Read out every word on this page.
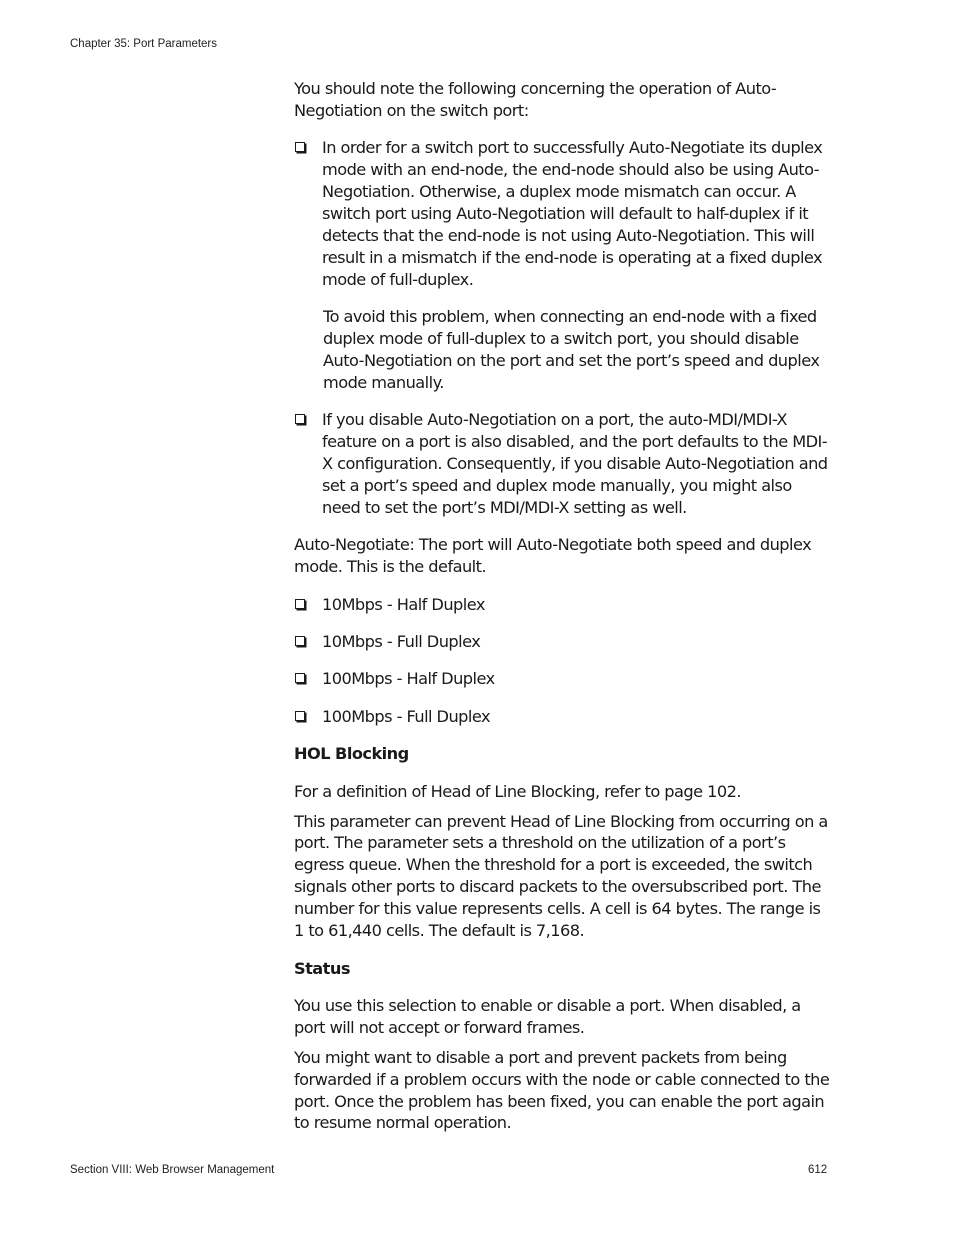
Chapter 35: Port Parameters

You should note the following concerning the operation of Auto-Negotiation on the switch port:

In order for a switch port to successfully Auto-Negotiate its duplex mode with an end-node, the end-node should also be using Auto-Negotiation. Otherwise, a duplex mode mismatch can occur. A switch port using Auto-Negotiation will default to half-duplex if it detects that the end-node is not using Auto-Negotiation. This will result in a mismatch if the end-node is operating at a fixed duplex mode of full-duplex.

To avoid this problem, when connecting an end-node with a fixed duplex mode of full-duplex to a switch port, you should disable Auto-Negotiation on the port and set the port’s speed and duplex mode manually.

If you disable Auto-Negotiation on a port, the auto-MDI/MDI-X feature on a port is also disabled, and the port defaults to the MDI-X configuration. Consequently, if you disable Auto-Negotiation and set a port’s speed and duplex mode manually, you might also need to set the port’s MDI/MDI-X setting as well.

Auto-Negotiate: The port will Auto-Negotiate both speed and duplex mode. This is the default.

10Mbps - Half Duplex
10Mbps - Full Duplex
100Mbps - Half Duplex
100Mbps - Full Duplex

HOL Blocking

For a definition of Head of Line Blocking, refer to page 102.

This parameter can prevent Head of Line Blocking from occurring on a port. The parameter sets a threshold on the utilization of a port’s egress queue. When the threshold for a port is exceeded, the switch signals other ports to discard packets to the oversubscribed port. The number for this value represents cells. A cell is 64 bytes. The range is 1 to 61,440 cells. The default is 7,168.

Status

You use this selection to enable or disable a port. When disabled, a port will not accept or forward frames.

You might want to disable a port and prevent packets from being forwarded if a problem occurs with the node or cable connected to the port. Once the problem has been fixed, you can enable the port again to resume normal operation.

Section VIII: Web Browser Management	612
